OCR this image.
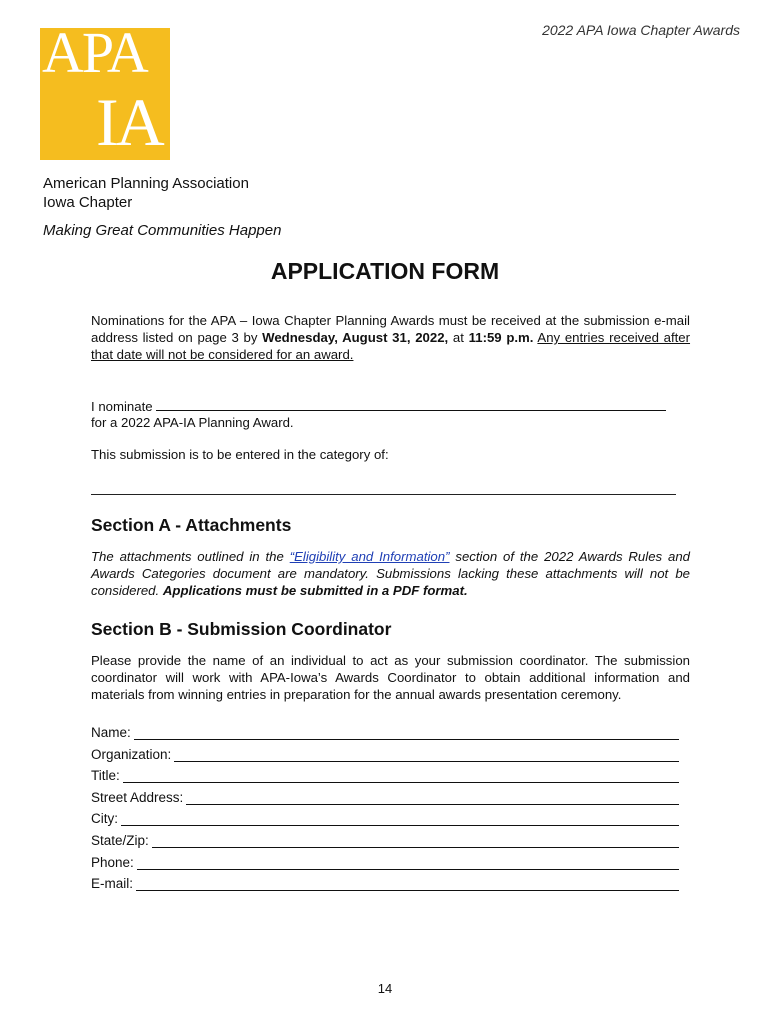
2022 APA Iowa Chapter Awards
APA
IA
American Planning Association
Iowa Chapter
Making Great Communities Happen
APPLICATION FORM
Nominations for the APA – Iowa Chapter Planning Awards must be received at the submission e-mail address listed on page 3 by Wednesday, August 31, 2022, at 11:59 p.m. Any entries received after that date will not be considered for an award.
I nominate
for a 2022 APA-IA Planning Award.
This submission is to be entered in the category of:
Section A - Attachments
The attachments outlined in the “Eligibility and Information” section of the 2022 Awards Rules and Awards Categories document are mandatory. Submissions lacking these attachments will not be considered. Applications must be submitted in a PDF format.
Section B - Submission Coordinator
Please provide the name of an individual to act as your submission coordinator. The submission coordinator will work with APA-Iowa’s Awards Coordinator to obtain additional information and materials from winning entries in preparation for the annual awards presentation ceremony.
Name:
Organization:
Title:
Street Address:
City:
State/Zip:
Phone:
E-mail:
14
